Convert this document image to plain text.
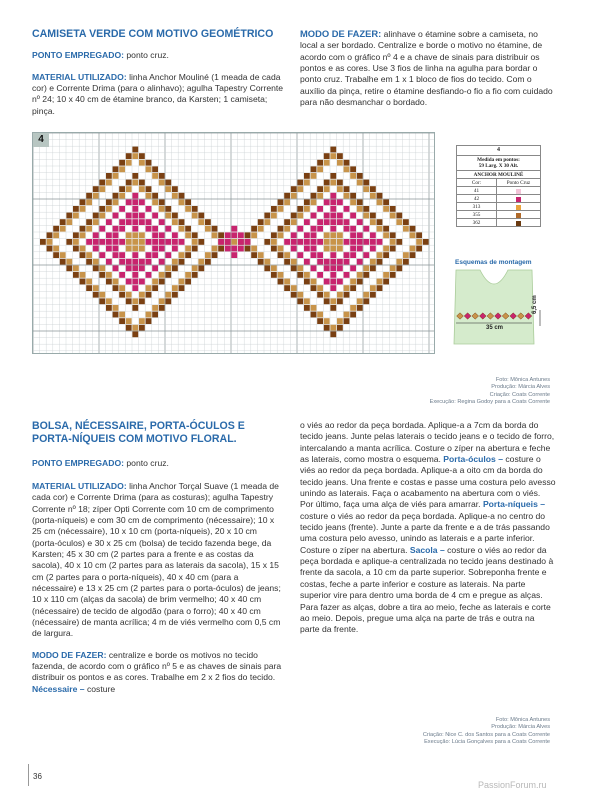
CAMISETA VERDE COM MOTIVO GEOMÉTRICO
PONTO EMPREGADO: ponto cruz.
MATERIAL UTILIZADO: linha Anchor Mouliné (1 meada de cada cor) e Corrente Drima (para o alinhavo); agulha Tapestry Corrente nº 24; 10 x 40 cm de étamine branco, da Karsten; 1 camiseta; pinça.
MODO DE FAZER: alinhave o étamine sobre a camiseta, no local a ser bordado. Centralize e borde o motivo no étamine, de acordo com o gráfico nº 4 e a chave de sinais para distribuir os pontos e as cores. Use 3 fios de linha na agulha para bordar o ponto cruz. Trabalhe em 1 x 1 bloco de fios do tecido. Com o auxílio da pinça, retire o étamine desfiando-o fio a fio com cuidado para não desmanchar o bordado.
4
4
Medida em pontos:
59 Larg. X 30 Alt.
ANCHOR MOULINÉ
Cor:	Ponto Cruz
41
42
313
355
362
Esquemas de montagem
35 cm
6,5 cm
Foto: Mônica Antunes
Produção: Márcia Alves
Criação: Coats Corrente
Execução: Regina Godoy para a Coats Corrente
BOLSA, NÉCESSAIRE, PORTA-ÓCULOS E PORTA-NÍQUEIS COM MOTIVO FLORAL.
PONTO EMPREGADO: ponto cruz.
MATERIAL UTILIZADO: linha Anchor Torçal Suave (1 meada de cada cor) e Corrente Drima (para as costuras); agulha Tapestry Corrente nº 18; zíper Opti Corrente com 10 cm de comprimento (porta-níqueis) e com 30 cm de comprimento (nécessaire); 10 x 25 cm (nécessaire), 10 x 10 cm (porta-níqueis), 20 x 10 cm (porta-óculos) e 30 x 25 cm (bolsa) de tecido fazenda bege, da Karsten; 45 x 30 cm (2 partes para a frente e as costas da sacola), 40 x 10 cm (2 partes para as laterais da sacola), 15 x 15 cm (2 partes para o porta-níqueis), 40 x 40 cm (para a nécessaire) e 13 x 25 cm (2 partes para o porta-óculos) de jeans; 10 x 110 cm (alças da sacola) de brim vermelho; 40 x 40 cm (nécessaire) de tecido de algodão (para o forro); 40 x 40 cm (nécessaire) de manta acrílica; 4 m de viés vermelho com 0,5 cm de largura.
MODO DE FAZER: centralize e borde os motivos no tecido fazenda, de acordo com o gráfico nº 5 e as chaves de sinais para distribuir os pontos e as cores. Trabalhe em 2 x 2 fios do tecido. Nécessaire – costure
o viés ao redor da peça bordada. Aplique-a a 7cm da borda do tecido jeans. Junte pelas laterais o tecido jeans e o tecido de forro, intercalando a manta acrílica. Costure o zíper na abertura e feche as laterais, como mostra o esquema. Porta-óculos – costure o viés ao redor da peça bordada. Aplique-a a oito cm da borda do tecido jeans. Una frente e costas e passe uma costura pelo avesso unindo as laterais. Faça o acabamento na abertura com o viés. Por último, faça uma alça de viés para amarrar. Porta-níqueis – costure o viés ao redor da peça bordada. Aplique-a no centro do tecido jeans (frente). Junte a parte da frente e a de trás passando uma costura pelo avesso, unindo as laterais e a parte inferior. Costure o zíper na abertura. Sacola – costure o viés ao redor da peça bordada e aplique-a centralizada no tecido jeans destinado à frente da sacola, a 10 cm da parte superior. Sobreponha frente e costas, feche a parte inferior e costure as laterais. Na parte superior vire para dentro uma borda de 4 cm e pregue as alças. Para fazer as alças, dobre a tira ao meio, feche as laterais e corte ao meio. Depois, pregue uma alça na parte de trás e outra na parte da frente.
Foto: Mônica Antunes
Produção: Márcia Alves
Criação: Nice C. dos Santos para a Coats Corrente
Execução: Lúcia Gonçalves para a Coats Corrente
36
PassionForum.ru
